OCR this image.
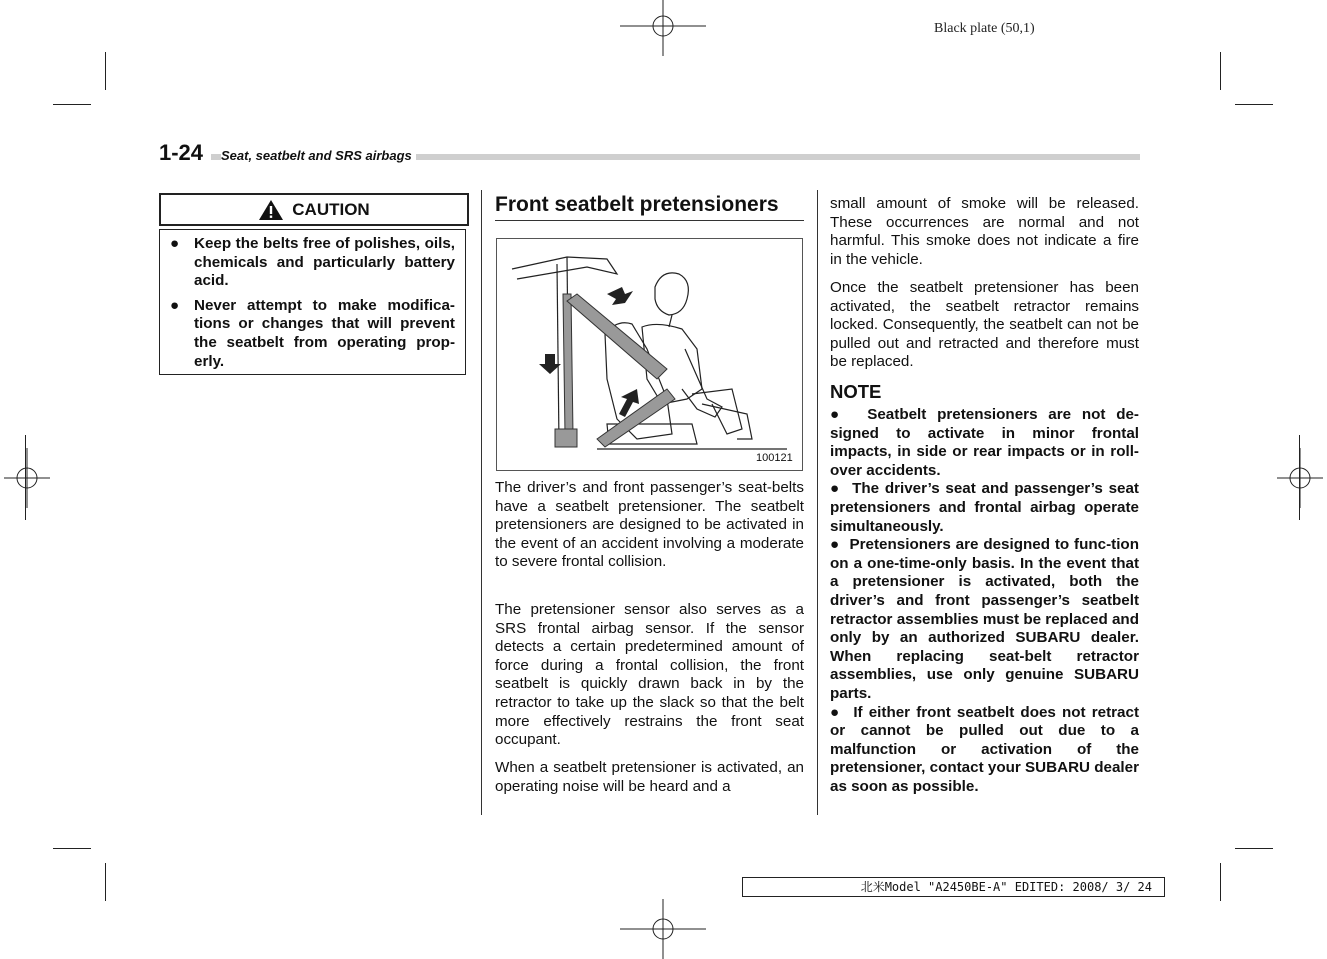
Black plate (50,1)
1-24	Seat, seatbelt and SRS airbags
CAUTION
● Keep the belts free of polishes, oils, chemicals and particularly battery acid.
● Never attempt to make modifica-tions or changes that will prevent the seatbelt from operating prop-erly.
Front seatbelt pretensioners
100121
The driver’s and front passenger’s seat-belts have a seatbelt pretensioner. The seatbelt pretensioners are designed to be activated in the event of an accident involving a moderate to severe frontal collision.
The pretensioner sensor also serves as a SRS frontal airbag sensor. If the sensor detects a certain predetermined amount of force during a frontal collision, the front seatbelt is quickly drawn back in by the retractor to take up the slack so that the belt more effectively restrains the front seat occupant.
When a seatbelt pretensioner is activated, an operating noise will be heard and a
small amount of smoke will be released. These occurrences are normal and not harmful. This smoke does not indicate a fire in the vehicle.
Once the seatbelt pretensioner has been activated, the seatbelt retractor remains locked. Consequently, the seatbelt can not be pulled out and retracted and therefore must be replaced.
NOTE
●  Seatbelt pretensioners are not de-signed to activate in minor frontal impacts, in side or rear impacts or in roll-over accidents.
●  The driver’s seat and passenger’s seat pretensioners and frontal airbag operate simultaneously.
●  Pretensioners are designed to func-tion on a one-time-only basis. In the event that a pretensioner is activated, both the driver’s and front passenger’s seatbelt retractor assemblies must be replaced and only by an authorized SUBARU dealer. When replacing seat-belt retractor assemblies, use only genuine SUBARU parts.
●  If either front seatbelt does not retract or cannot be pulled out due to a malfunction or activation of the pretensioner, contact your SUBARU dealer as soon as possible.
北米Model "A2450BE-A" EDITED: 2008/ 3/ 24
